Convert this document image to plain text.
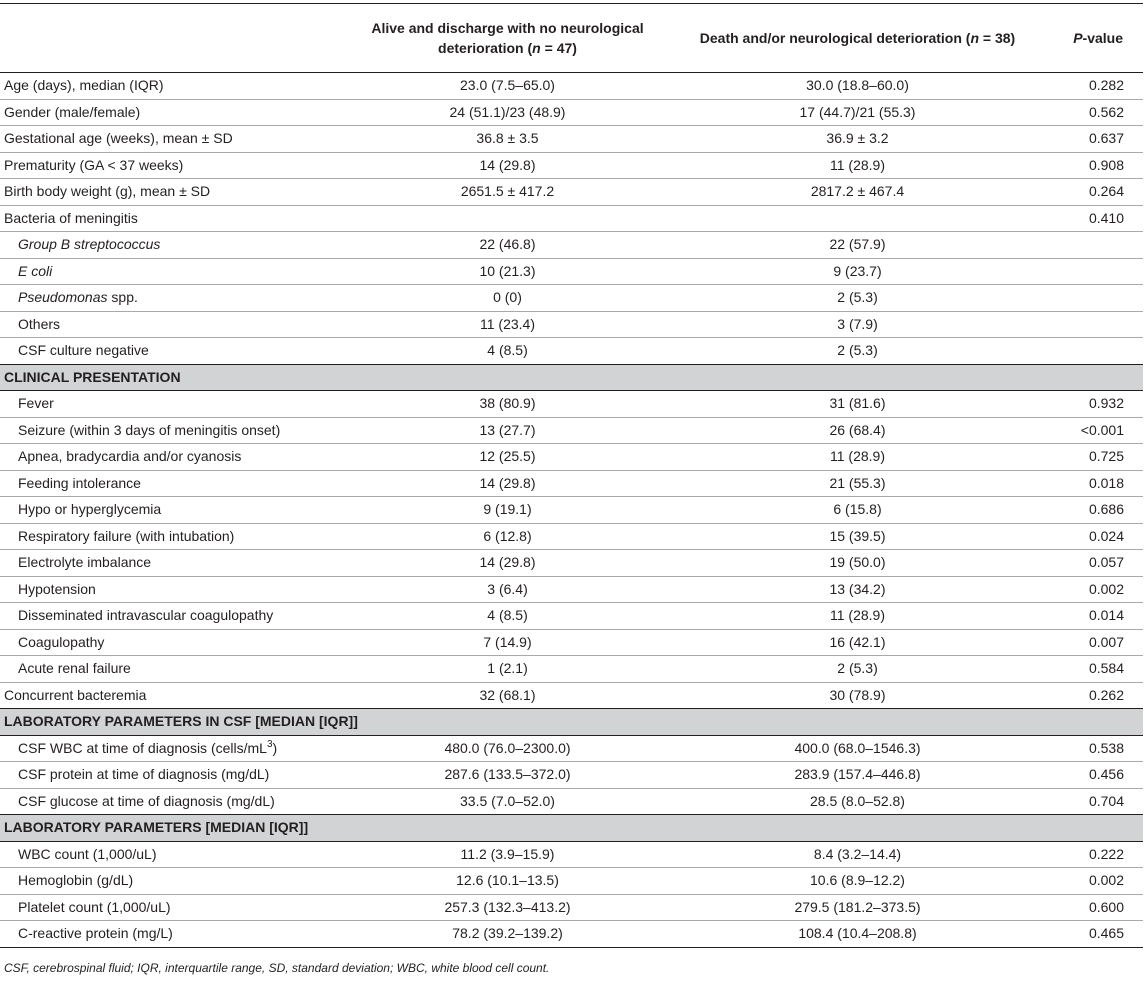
	Alive and discharge with no neurological deterioration (n = 47)	Death and/or neurological deterioration (n = 38)	P-value
Age (days), median (IQR)	23.0 (7.5–65.0)	30.0 (18.8–60.0)	0.282
Gender (male/female)	24 (51.1)/23 (48.9)	17 (44.7)/21 (55.3)	0.562
Gestational age (weeks), mean ± SD	36.8 ± 3.5	36.9 ± 3.2	0.637
Prematurity (GA < 37 weeks)	14 (29.8)	11 (28.9)	0.908
Birth body weight (g), mean ± SD	2651.5 ± 417.2	2817.2 ± 467.4	0.264
Bacteria of meningitis			0.410
Group B streptococcus	22 (46.8)	22 (57.9)	
E coli	10 (21.3)	9 (23.7)	
Pseudomonas spp.	0 (0)	2 (5.3)	
Others	11 (23.4)	3 (7.9)	
CSF culture negative	4 (8.5)	2 (5.3)	
CLINICAL PRESENTATION			
Fever	38 (80.9)	31 (81.6)	0.932
Seizure (within 3 days of meningitis onset)	13 (27.7)	26 (68.4)	<0.001
Apnea, bradycardia and/or cyanosis	12 (25.5)	11 (28.9)	0.725
Feeding intolerance	14 (29.8)	21 (55.3)	0.018
Hypo or hyperglycemia	9 (19.1)	6 (15.8)	0.686
Respiratory failure (with intubation)	6 (12.8)	15 (39.5)	0.024
Electrolyte imbalance	14 (29.8)	19 (50.0)	0.057
Hypotension	3 (6.4)	13 (34.2)	0.002
Disseminated intravascular coagulopathy	4 (8.5)	11 (28.9)	0.014
Coagulopathy	7 (14.9)	16 (42.1)	0.007
Acute renal failure	1 (2.1)	2 (5.3)	0.584
Concurrent bacteremia	32 (68.1)	30 (78.9)	0.262
LABORATORY PARAMETERS IN CSF [MEDIAN [IQR]]			
CSF WBC at time of diagnosis $(cells/mL^3)$	480.0 (76.0–2300.0)	400.0 (68.0–1546.3)	0.538
CSF protein at time of diagnosis (mg/dL)	287.6 (133.5–372.0)	283.9 (157.4–446.8)	0.456
CSF glucose at time of diagnosis (mg/dL)	33.5 (7.0–52.0)	28.5 (8.0–52.8)	0.704
LABORATORY PARAMETERS [MEDIAN [IQR]]			
WBC count (1,000/uL)	11.2 (3.9–15.9)	8.4 (3.2–14.4)	0.222
Hemoglobin (g/dL)	12.6 (10.1–13.5)	10.6 (8.9–12.2)	0.002
Platelet count (1,000/uL)	257.3 (132.3–413.2)	279.5 (181.2–373.5)	0.600
C-reactive protein (mg/L)	78.2 (39.2–139.2)	108.4 (10.4–208.8)	0.465
CSF, cerebrospinal fluid; IQR, interquartile range, SD, standard deviation; WBC, white blood cell count.
